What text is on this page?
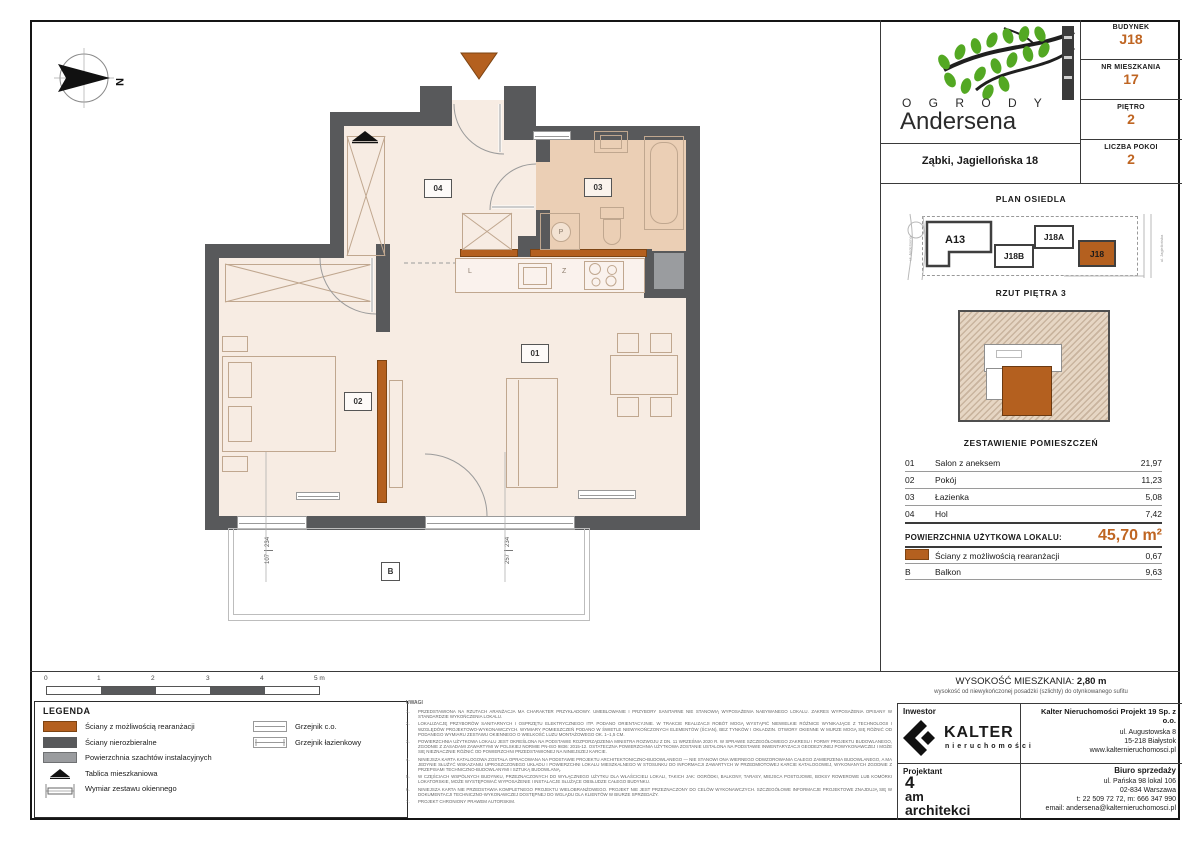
P
L	Z
01
02
03
04
B
107
234
257
234
N
O G R O D Y
Andersena
Ząbki, Jagiellońska 18
BUDYNEK
J18
NR MIESZKANIA
17
PIĘTRO
2
LICZBA POKOI
2
PLAN OSIEDLA
ul. Andersena	ul. Jagiellońska
A13
J18B
J18A
J18
RZUT PIĘTRA 3
ZESTAWIENIE POMIESZCZEŃ
01	Salon z aneksem	21,97
02	Pokój	11,23
03	Łazienka	5,08
04	Hol	7,42
POWIERZCHNIA UŻYTKOWA LOKALU:	45,70 m²
Ściany z możliwością rearanżacji	0,67
B	Balkon	9,63
WYSOKOŚĆ MIESZKANIA: 2,80 m
wysokość od niewykończonej posadzki (szlichty) do otynkowanego sufitu
Inwestor
KALTER
nieruchomości
Kalter Nieruchomości Projekt 19 Sp. z o.o.
ul. Augustowska 8
15-218 Białystok
www.kalternieruchomosci.pl
Projektant
4
am
architekci
Biuro sprzedaży
ul. Pańska 98 lokal 106
02-834 Warszawa
t: 22 509 72 72, m: 666 347 990
email: andersena@kalternieruchomosci.pl
0	1	2	3	4	5 m
LEGENDA
Ściany z możliwością rearanżacji
Ściany nierozbieralne
Powierzchnia szachtów instalacyjnych
Tablica mieszkaniowa
Wymiar zestawu okiennego
Grzejnik c.o.
Grzejnik łazienkowy
UWAGI
1.	PRZEDSTAWIONA NA RZUTACH ARANŻACJA MA CHARAKTER PRZYKŁADOWY. UMEBLOWANIE I PRZYBORY SANITARNE NIE STANOWIĄ WYPOSAŻENIA NABYWANEGO LOKALU. ZAKRES WYPOSAŻENIA OPISANY W STANDARDZIE WYKOŃCZENIA LOKALU.
2.	LOKALIZACJĘ PRZYBORÓW SANITARNYCH I OSPRZĘTU ELEKTRYCZNEGO ITP. PODANO ORIENTACYJNIE. W TRAKCIE REALIZACJI ROBÓT MOGĄ WYSTĄPIĆ NIEWIELKIE RÓŻNICE WYNIKAJĄCE Z TECHNOLOGII I WZGLĘDÓW PROJEKTOWO-WYKONAWCZYCH. WYMIARY POMIESZCZEŃ PODANO W ŚWIETLE NIEWYKOŃCZONYCH ELEMENTÓW (ŚCIAN), BEZ TYNKÓW I OKŁADZIN. OTWORY OKIENNE W MURZE MOGĄ SIĘ RÓŻNIĆ OD PODANEGO WYMIARU ZESTAWU OKIENNEGO O WIELKOŚĆ LUZU MONTAŻOWEGO OK. 1–1,5 CM.
3.	POWIERZCHNIA UŻYTKOWA LOKALU JEST OKREŚLONA NA PODSTAWIE ROZPORZĄDZENIA MINISTRA ROZWOJU Z DN. 11 WRZEŚNIA 2020 R. W SPRAWIE SZCZEGÓŁOWEGO ZAKRESU I FORMY PROJEKTU BUDOWLANEGO, ZGODNIE Z ZASADAMI ZAWARTYMI W POLSKIEJ NORMIE PN-ISO 9836: 2015-12. OSTATECZNA POWIERZCHNIA UŻYTKOWA ZOSTANIE USTALONA NA PODSTAWIE INWENTARYZACJI GEODEZYJNEJ POWYKONAWCZEJ I MOŻE SIĘ NIEZNACZNIE RÓŻNIĆ OD POWIERZCHNI PRZEDSTAWIONEJ NA NINIEJSZEJ KARCIE.
4.	NINIEJSZA KARTA KATALOGOWA ZOSTAŁA OPRACOWANA NA PODSTAWIE PROJEKTU ARCHITEKTONICZNO-BUDOWLANEGO — NIE STANOWI ONA WIERNEGO ODWZOROWANIA CAŁEGO ZAMIERZENIA BUDOWLANEGO, A MA JEDYNIE SŁUŻYĆ WSKAZANIU UPROSZCZONEGO UKŁADU I POWIERZCHNI LOKALU MIESZKALNEGO W STOSUNKU DO INFORMACJI ZAWARTYCH W PRZEDMIOTOWEJ KARCIE KATALOGOWEJ, WYKONANYCH ZGODNIE Z PRZEPISAMI TECHNICZNO-BUDOWLANYMI I SZTUKĄ BUDOWLANĄ.
5.	W CZĘŚCIACH WSPÓLNYCH BUDYNKU, PRZEZNACZONYCH DO WYŁĄCZNEGO UŻYTKU DLA WŁAŚCICIELI LOKALI, TAKICH JAK: OGRÓDKI, BALKONY, TARASY, MIEJSCA POSTOJOWE, BOKSY ROWEROWE LUB KOMÓRKI LOKATORSKIE, MOŻE WYSTĘPOWAĆ WYPOSAŻENIE I INSTALACJE SŁUŻĄCE OBSŁUDZE CAŁEGO BUDYNKU.
6.	NINIEJSZA KARTA NIE PRZEDSTAWIA KOMPLETNEGO PROJEKTU WIELOBRANŻOWEGO. PROJEKT NIE JEST PRZEZNACZONY DO CELÓW WYKONAWCZYCH. SZCZEGÓŁOWE INFORMACJE PROJEKTOWE ZNAJDUJĄ SIĘ W DOKUMENTACJI TECHNICZNO-WYKONAWCZEJ DOSTĘPNEJ DO WGLĄDU DLA KLIENTÓW W BIURZE SPRZEDAŻY.
7.	PROJEKT CHRONIONY PRAWEM AUTORSKIM.
